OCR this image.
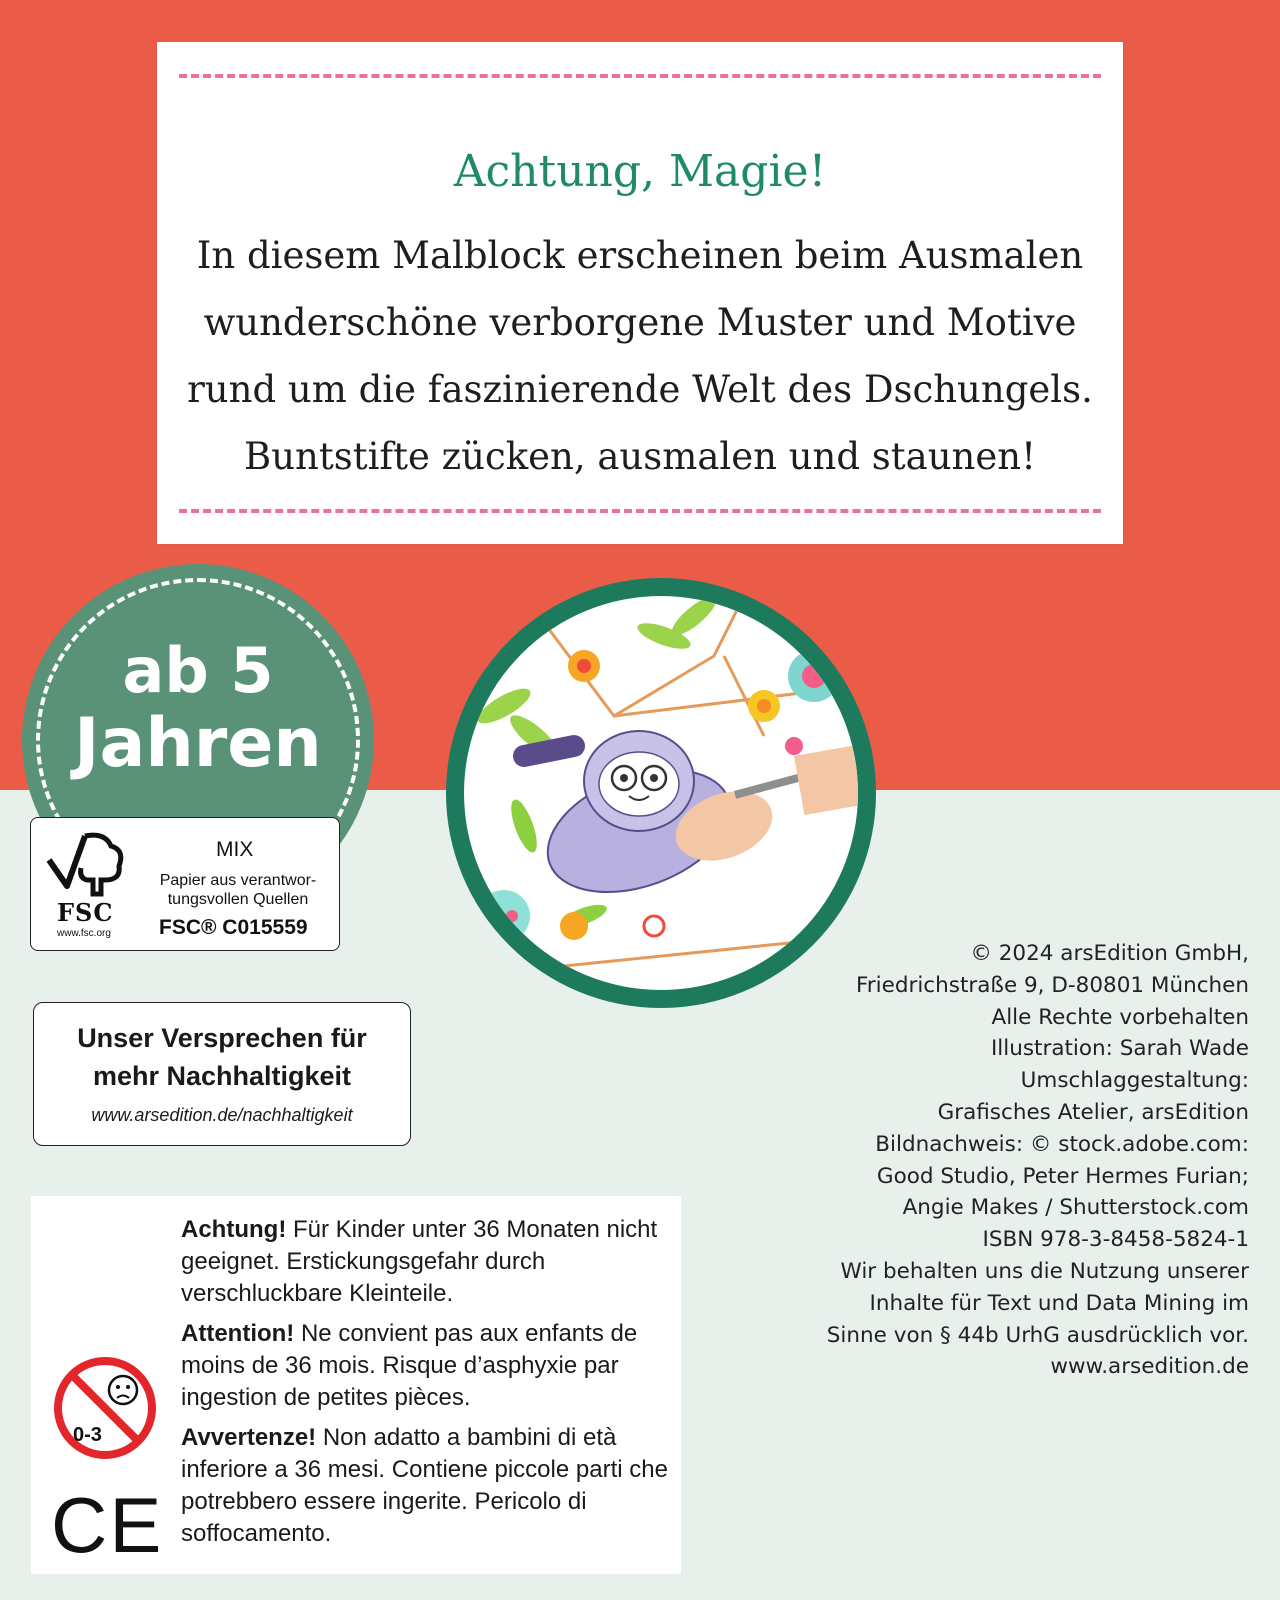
Achtung, Magie!
In diesem Malblock erscheinen beim Ausmalen
wunderschöne verborgene Muster und Motive
rund um die faszinierende Welt des Dschungels.
Buntstifte zücken, ausmalen und staunen!
ab 5
Jahren
FSC
www.fsc.org
MIX
Papier aus verantwor-
tungsvollen Quellen
FSC® C015559
Unser Versprechen für
mehr Nachhaltigkeit
www.arsedition.de/nachhaltigkeit
0-3
CE

Achtung! Für Kinder unter 36 Monaten nicht geeignet. Erstickungsgefahr durch verschluckbare Kleinteile.

Attention! Ne convient pas aux enfants de moins de 36 mois. Risque d’asphyxie par ingestion de petites pièces.

Avvertenze! Non adatto a bambini di età inferiore a 36 mesi. Contiene piccole parti che potrebbero essere ingerite. Pericolo di soffocamento.

© 2024 arsEdition GmbH,
Friedrichstraße 9, D-80801 München
Alle Rechte vorbehalten
Illustration: Sarah Wade
Umschlaggestaltung:
Grafisches Atelier, arsEdition
Bildnachweis: © stock.adobe.com:
Good Studio, Peter Hermes Furian;
Angie Makes / Shutterstock.com
ISBN 978-3-8458-5824-1
Wir behalten uns die Nutzung unserer
Inhalte für Text und Data Mining im
Sinne von § 44b UrhG ausdrücklich vor.
www.arsedition.de
